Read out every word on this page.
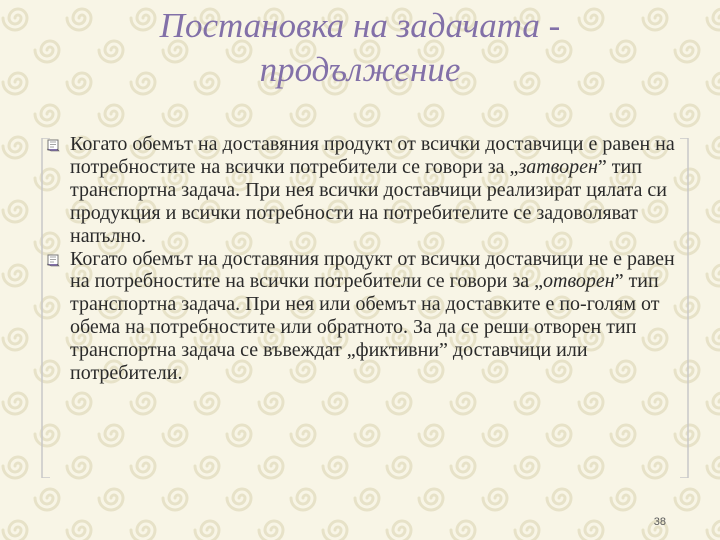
Постановка на задачата -
продължение
Когато обемът на доставяния продукт от всички доставчици е равен на потребностите на всички потребители се говори за „затворен” тип транспортна задача. При нея всички доставчици реализират цялата си продукция и всички потребности на потребителите се задоволяват напълно.
Когато обемът на доставяния продукт от всички доставчици не е равен на потребностите на всички потребители се говори за „отворен” тип транспортна задача. При нея или обемът на доставките е по-голям от обема на потребностите или обратното. За да се реши отворен тип транспортна задача се въвеждат „фиктивни” доставчици или потребители.
38
